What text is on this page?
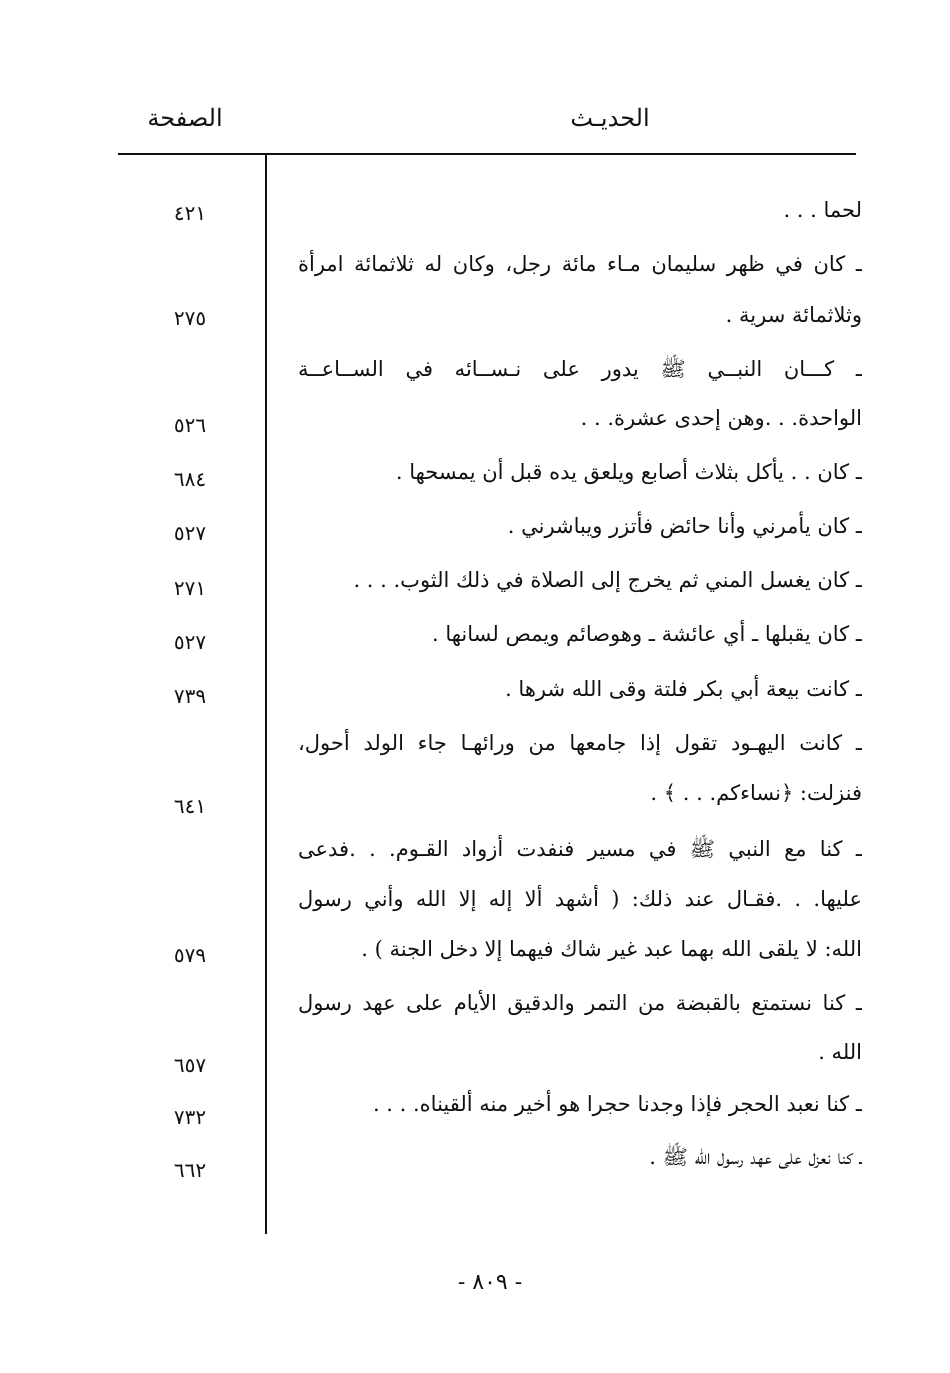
الحديـث
الصفحة
لحما . . .
٤٢١
ـ كان في ظهر سليمان مـاء مائة رجل، وكان له ثلاثمائة امرأة
وثلاثمائة سرية .
٢٧٥
ـ كـــان النبــي ﷺ يدور على نـســائه في الســاعــة
الواحدة. . .وهن إحدى عشرة. . .
٥٢٦
ـ كان . . يأكل بثلاث أصابع ويلعق يده قبل أن يمسحها .
٦٨٤
ـ كان يأمرني وأنا حائض فأتزر ويباشرني .
٥٢٧
ـ كان يغسل المني ثم يخرج إلى الصلاة في ذلك الثوب. . . .
٢٧١
ـ كان يقبلها ـ أي عائشة ـ وهوصائم ويمص لسانها .
٥٢٧
ـ كانت بيعة أبي بكر فلتة وقى الله شرها .
٧٣٩
ـ كانت اليهـود تقول إذا جامعها من ورائهـا جاء الولد أحول،
فنزلت: ﴿نساءكم. . . ﴾ .
٦٤١
ـ كنا مع النبي ﷺ في مسير فنفدت أزواد القـوم. . .فدعى
عليها. . .فقـال عند ذلك: ( أشهد ألا إله إلا الله وأني رسول
الله: لا يلقى الله بهما عبد غير شاك فيهما إلا دخل الجنة ) .
٥٧٩
ـ كنا نستمتع بالقبضة من التمر والدقيق الأيام على عهد رسول
الله .
٦٥٧
ـ كنا نعبد الحجر فإذا وجدنا حجرا هو أخير منه ألقيناه. . . .
٧٣٢
ـ كنا نعزل على عهد رسول الله ﷺ .
٦٦٢
- ٨٠٩ -
